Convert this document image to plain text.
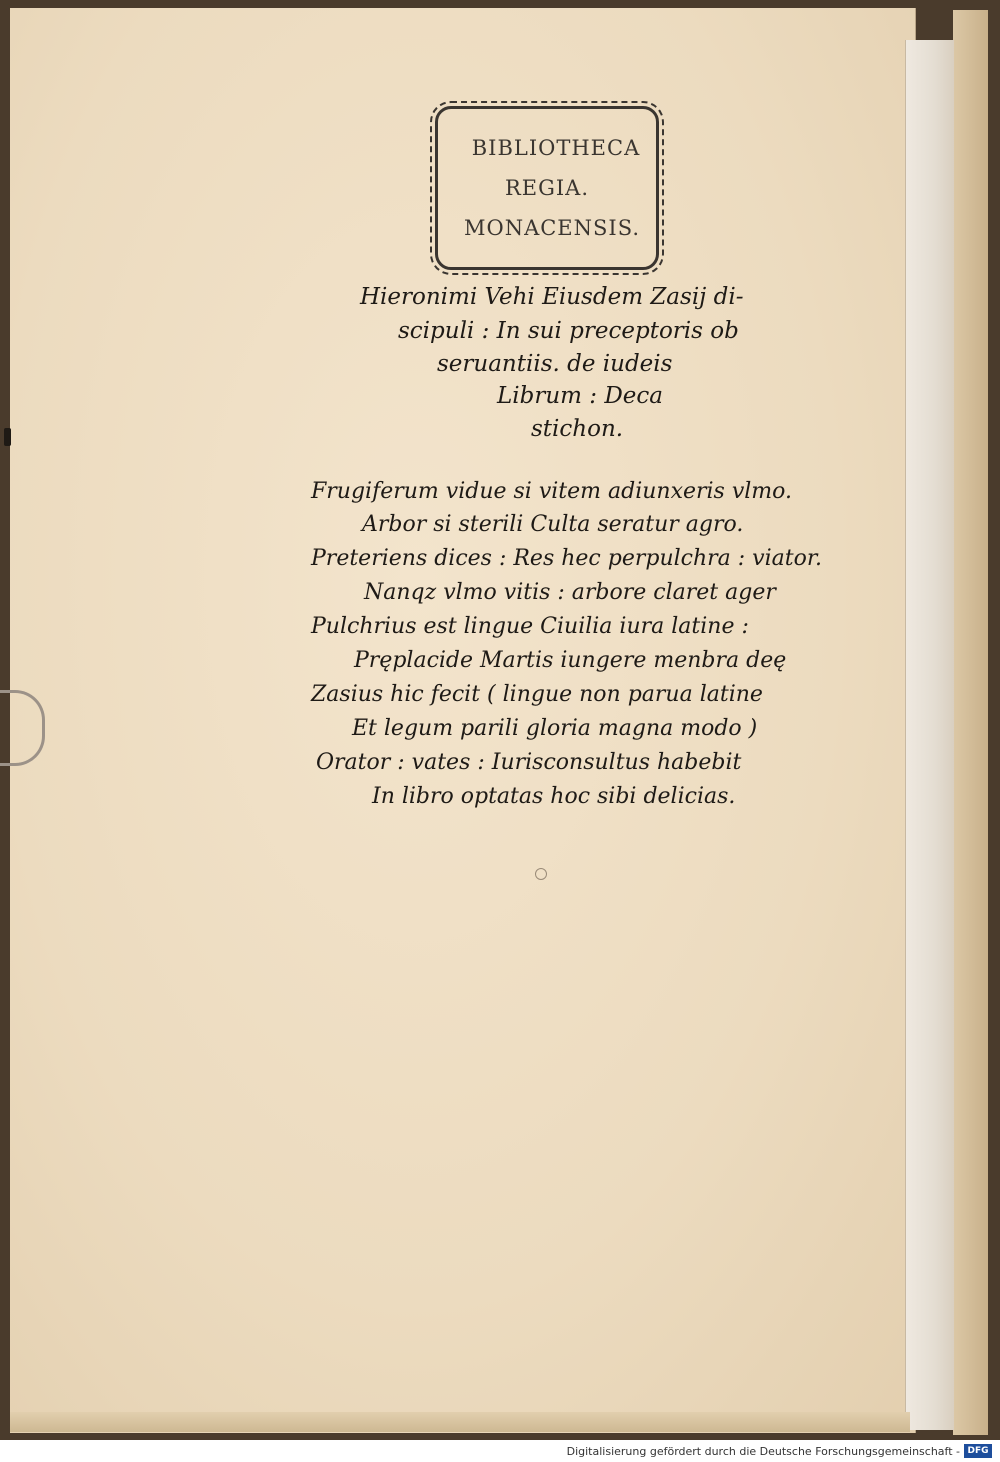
BIBLIOTHECA
REGIA.
MONACENSIS.
Hieronimi Vehi Eiusdem Zasij di-
scipuli : In sui preceptoris ob
seruantiis. de iudeis
Librum : Deca
stichon.
Frugiferum vidue si vitem adiunxeris vlmo.
Arbor si sterili Culta seratur agro.
Preteriens dices : Res hec perpulchra : viator.
Nanqz vlmo vitis : arbore claret ager
Pulchrius est lingue Ciuilia iura latine :
Pręplacide Martis iungere menbra deę
Zasius hic fecit ( lingue non parua latine
Et legum parili gloria magna modo )
Orator : vates : Iurisconsultus habebit
In libro optatas hoc sibi delicias.
Digitalisierung gefördert durch die Deutsche Forschungsgemeinschaft - DFG
